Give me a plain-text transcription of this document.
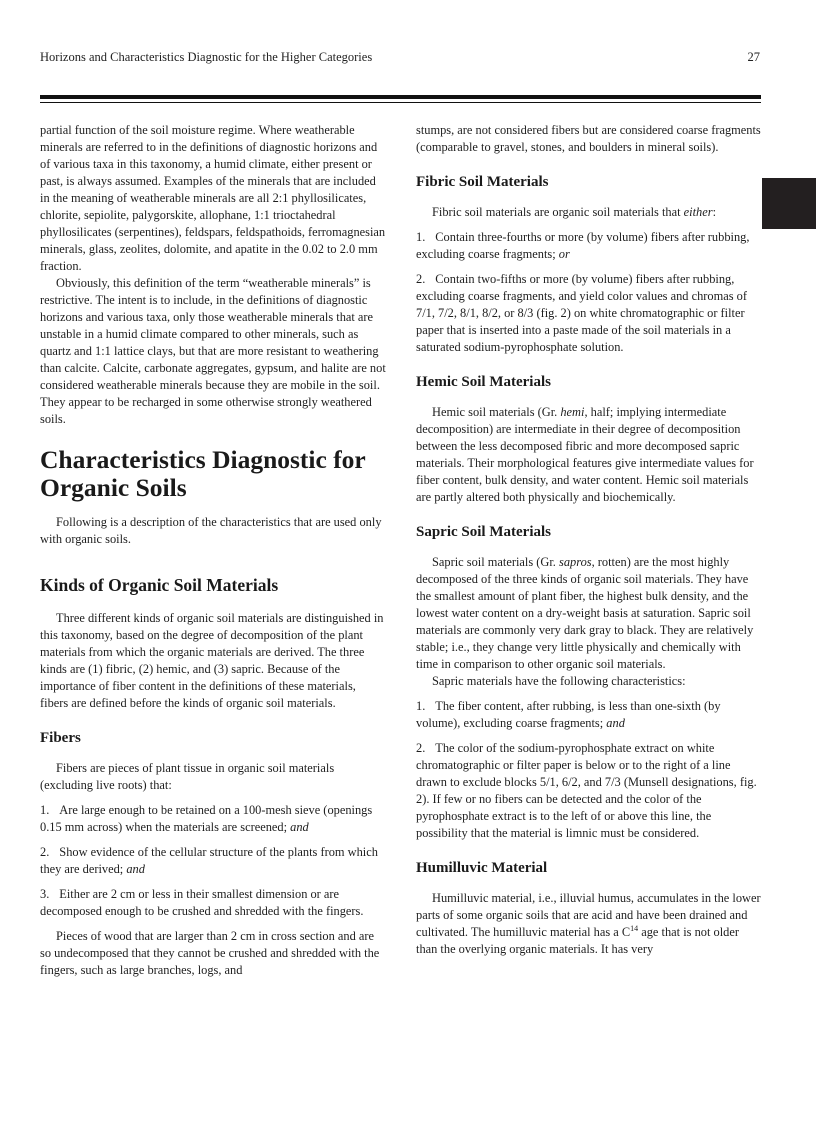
Horizons and Characteristics Diagnostic for the Higher Categories	27

partial function of the soil moisture regime. Where weatherable minerals are referred to in the definitions of diagnostic horizons and of various taxa in this taxonomy, a humid climate, either present or past, is always assumed. Examples of the minerals that are included in the meaning of weatherable minerals are all 2:1 phyllosilicates, chlorite, sepiolite, palygorskite, allophane, 1:1 trioctahedral phyllosilicates (serpentines), feldspars, feldspathoids, ferromagnesian minerals, glass, zeolites, dolomite, and apatite in the 0.02 to 2.0 mm fraction.

Obviously, this definition of the term “weatherable minerals” is restrictive. The intent is to include, in the definitions of diagnostic horizons and various taxa, only those weatherable minerals that are unstable in a humid climate compared to other minerals, such as quartz and 1:1 lattice clays, but that are more resistant to weathering than calcite. Calcite, carbonate aggregates, gypsum, and halite are not considered weatherable minerals because they are mobile in the soil. They appear to be recharged in some otherwise strongly weathered soils.

Characteristics Diagnostic for Organic Soils

Following is a description of the characteristics that are used only with organic soils.

Kinds of Organic Soil Materials

Three different kinds of organic soil materials are distinguished in this taxonomy, based on the degree of decomposition of the plant materials from which the organic materials are derived. The three kinds are (1) fibric, (2) hemic, and (3) sapric. Because of the importance of fiber content in the definitions of these materials, fibers are defined before the kinds of organic soil materials.

Fibers

Fibers are pieces of plant tissue in organic soil materials (excluding live roots) that:

1. Are large enough to be retained on a 100-mesh sieve (openings 0.15 mm across) when the materials are screened; and

2. Show evidence of the cellular structure of the plants from which they are derived; and

3. Either are 2 cm or less in their smallest dimension or are decomposed enough to be crushed and shredded with the fingers.

Pieces of wood that are larger than 2 cm in cross section and are so undecomposed that they cannot be crushed and shredded with the fingers, such as large branches, logs, and

stumps, are not considered fibers but are considered coarse fragments (comparable to gravel, stones, and boulders in mineral soils).

Fibric Soil Materials

Fibric soil materials are organic soil materials that either:

1. Contain three-fourths or more (by volume) fibers after rubbing, excluding coarse fragments; or

2. Contain two-fifths or more (by volume) fibers after rubbing, excluding coarse fragments, and yield color values and chromas of 7/1, 7/2, 8/1, 8/2, or 8/3 (fig. 2) on white chromatographic or filter paper that is inserted into a paste made of the soil materials in a saturated sodium-pyrophosphate solution.

Hemic Soil Materials

Hemic soil materials (Gr. hemi, half; implying intermediate decomposition) are intermediate in their degree of decomposition between the less decomposed fibric and more decomposed sapric materials. Their morphological features give intermediate values for fiber content, bulk density, and water content. Hemic soil materials are partly altered both physically and biochemically.

Sapric Soil Materials

Sapric soil materials (Gr. sapros, rotten) are the most highly decomposed of the three kinds of organic soil materials. They have the smallest amount of plant fiber, the highest bulk density, and the lowest water content on a dry-weight basis at saturation. Sapric soil materials are commonly very dark gray to black. They are relatively stable; i.e., they change very little physically and chemically with time in comparison to other organic soil materials.

Sapric materials have the following characteristics:

1. The fiber content, after rubbing, is less than one-sixth (by volume), excluding coarse fragments; and

2. The color of the sodium-pyrophosphate extract on white chromatographic or filter paper is below or to the right of a line drawn to exclude blocks 5/1, 6/2, and 7/3 (Munsell designations, fig. 2). If few or no fibers can be detected and the color of the pyrophosphate extract is to the left of or above this line, the possibility that the material is limnic must be considered.

Humilluvic Material

Humilluvic material, i.e., illuvial humus, accumulates in the lower parts of some organic soils that are acid and have been drained and cultivated. The humilluvic material has a $C^{14}$ age that is not older than the overlying organic materials. It has very
